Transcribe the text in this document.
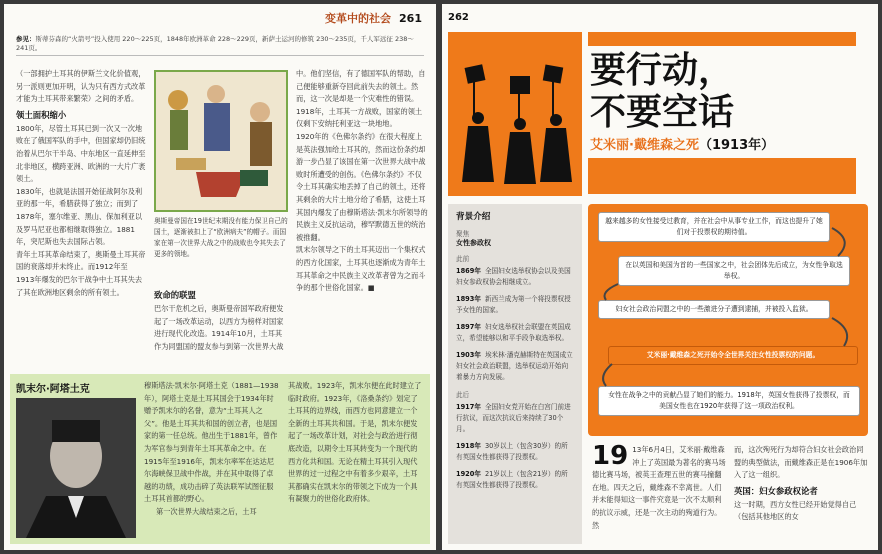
变革中的社会 261
参见：斯蒂芬森的“火箭号”投入使用 220～225页，1848年欧洲革命 228～229页，新萨土运河的修筑 230～235页，千人军远征 238～241页。

（一部拥护土耳其的伊斯兰文化价值观，另一派则更加开明，认为只有西方式改革才能为土耳其带来繁荣）之间的矛盾。

领土面积缩小

1800年，尽管土耳其已到一次又一次地败在了俄国军队的手中，但国家却仍旧统治着从巴尔干半岛、中东地区一直延伸至北非地区，横跨亚洲、欧洲的一大片广袤领土。

1830年，也就是法国开始征战阿尔及利亚的那一年，希腊获得了独立；而到了1878年，塞尔维亚、黑山、保加利亚以及罗马尼亚也都相继取得独立。1881年，突尼斯也失去国际占领。

青年土耳其革命结束了，奥斯曼土耳其帝国的衰落却并未终止。而1912年至1913年爆发的巴尔干战争中土耳其失去了其在欧洲地区剩余的所有领土。

奥斯曼帝国在19世纪末期没有能力保卫自己的国土，逐渐被扣上了“欧洲病夫”的帽子。而国家在第一次世界大战之中的战败也令其失去了更多的领地。

致命的联盟

巴尔干危机之后，奥斯曼帝国军政府便发起了一场改革运动，以西方为榜样对国家进行现代化改造。1914年10月，土耳其作为同盟国的盟友参与到第一次世界大战

中。他们坚信，有了德国军队的帮助，自己便能够重新夺回此前失去的领土。然而，这一次是却是一个灾难性的错误。1918年，土耳其一方战败，国家的领土仅剩下安纳托利亚这一块地地。

1920年的《色佛尔条约》在很大程度上是英法强加给土耳其的，然而这份条约却游一步凸显了该国在第一次世界大战中战败时所遭受的创伤。《色佛尔条约》不仅令土耳其确实地丢掉了自己的领土，还将其剩余的大片土地分给了希腊，这使土耳其国内爆发了由穆斯塔法·凯末尔所领导的民族主义反抗运动，穆罕默德五世的统治被推翻。

凯末尔领导之下的土耳其迈出一个集权式的西方化国家，土耳其也逐渐成为青年土耳其革命之中民族主义改革者曾为之而斗争的那个世俗化国家。■

凯末尔·阿塔土克	穆斯塔法·凯末尔·阿塔土克（1881—1938年），阿塔土克是土耳其国会于1934年时赠予凯末尔的名誉，意为“土耳其人之父”。他是土耳其共和国的创立者，也是国家的第一任总统。他出生于1881年，曾作为军官参与到青年土耳其革命之中。在1915年至1916年，凯末尔率军在达达尼尔海峡保卫战中作战，并在其中取得了卓越的功绩，成功击碎了英法联军试图征服土耳其首都的野心。

第一次世界大战结束之后，土耳

其战败。1923年，凯末尔便在此时建立了临时政府。1923年，《洛桑条约》划定了土耳其的边界线，而西方也同意建立一个全新的土耳其共和国。于是，凯末尔便发起了一场改革计划，对社会与政治进行彻底改造，以期令土耳其转变为一个现代的西方化共和国。无论在精土耳其引入现代世界的过一过程之中有着多少艰辛，土耳其都确实在凯末尔的带领之下成为一个具有凝聚力的世俗化政府体。

262
要行动，
不要空话
艾米丽·戴维森之死（1913年）
背景介绍
聚焦
女性参政权
此前

1869年 全国妇女选举权协会以及美国妇女参政权协会相继成立。

1893年 新西兰成为第一个将投票权授予女性的国家。

1897年 妇女选举权社会联盟在英国成立，希望能够以和平手段争取选举权。

1903年 埃米林·潘克赫斯特在英国成立妇女社会政治联盟，选举权运动开始向着暴力方向发展。

此后

1917年 全国妇女党开始在白宫门前进行抗议，而这次抗议后来持续了30个月。

1918年 30岁以上（包含30岁）的所有英国女性都获得了投票权。

1920年 21岁以上（包含21岁）的所有英国女性都获得了投票权。

越来越多的女性接受过教育，并在社会中从事专业工作，而这也提升了她们对于投票权的期待值。
在以英国和美国为首的一些国家之中，社会团体先后成立，为女性争取选举权。
妇女社会政治同盟之中的一些激进分子遭到逮捕，并被投入监狱。
艾米丽·戴维森之死开始令全世界关注女性投票权的问题。
女性在战争之中的贡献凸显了她们的能力。1918年，英国女性获得了投票权，而美国女性也在1920年获得了这一项政治权利。

19 13年6月4日，艾米丽·戴维森冲上了英国最为著名的赛马场德比赛马场，被英王查理五世的赛马撞翻在地。四天之后，戴维森不幸离世。人们并未能得知这一事件究竟是一次不太顺利的抗议示威，还是一次主动的殉道行为。然

而，这次殉死行为却符合妇女社会政治同盟的典型做法，而戴维森正是在1906年加入了这一组织。

英国：妇女参政权论者

这一时期，西方女性已经开始觉得自己（包括其他地区的女
